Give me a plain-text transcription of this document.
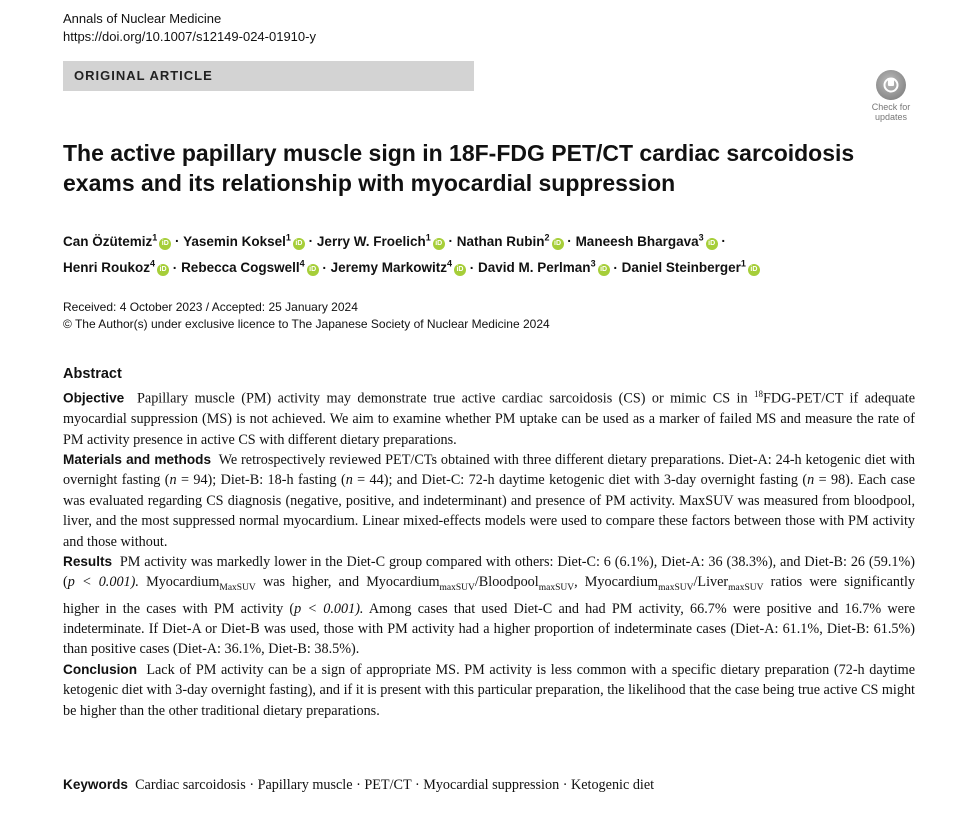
Annals of Nuclear Medicine
https://doi.org/10.1007/s12149-024-01910-y
ORIGINAL ARTICLE
Check for
updates
The active papillary muscle sign in 18F-FDG PET/CT cardiac sarcoidosis
exams and its relationship with myocardial suppression
Can Özütemiz$^1$iD · Yasemin Koksel$^1$iD · Jerry W. Froelich$^1$iD · Nathan Rubin$^2$iD · Maneesh Bhargava$^3$iD ·
Henri Roukoz$^4$iD · Rebecca Cogswell$^4$iD · Jeremy Markowitz$^4$iD · David M. Perlman$^3$iD · Daniel Steinberger$^1$iD
Received: 4 October 2023 / Accepted: 25 January 2024
© The Author(s) under exclusive licence to The Japanese Society of Nuclear Medicine 2024
Abstract
Objective Papillary muscle (PM) activity may demonstrate true active cardiac sarcoidosis (CS) or mimic CS in $^{18}$FDG-PET/CT if adequate myocardial suppression (MS) is not achieved. We aim to examine whether PM uptake can be used as a marker of failed MS and measure the rate of PM activity presence in active CS with different dietary preparations.
Materials and methods We retrospectively reviewed PET/CTs obtained with three different dietary preparations. Diet-A: 24-h ketogenic diet with overnight fasting (n = 94); Diet-B: 18-h fasting (n = 44); and Diet-C: 72-h daytime ketogenic diet with 3-day overnight fasting (n = 98). Each case was evaluated regarding CS diagnosis (negative, positive, and indeterminant) and presence of PM activity. MaxSUV was measured from bloodpool, liver, and the most suppressed normal myocardium. Linear mixed-effects models were used to compare these factors between those with PM activity and those without.
Results PM activity was markedly lower in the Diet-C group compared with others: Diet-C: 6 (6.1%), Diet-A: 36 (38.3%), and Diet-B: 26 (59.1%) (p < 0.001). Myocardium$_{MaxSUV}$ was higher, and Myocardium$_{maxSUV}$/Bloodpool$_{maxSUV}$, Myocardium$_{maxSUV}$/Liver$_{maxSUV}$ ratios were significantly higher in the cases with PM activity (p < 0.001). Among cases that used Diet-C and had PM activity, 66.7% were positive and 16.7% were indeterminate. If Diet-A or Diet-B was used, those with PM activity had a higher proportion of indeterminate cases (Diet-A: 61.1%, Diet-B: 61.5%) than positive cases (Diet-A: 36.1%, Diet-B: 38.5%).
Conclusion Lack of PM activity can be a sign of appropriate MS. PM activity is less common with a specific dietary preparation (72-h daytime ketogenic diet with 3-day overnight fasting), and if it is present with this particular preparation, the likelihood that the case being true active CS might be higher than the other traditional dietary preparations.
Keywords Cardiac sarcoidosis · Papillary muscle · PET/CT · Myocardial suppression · Ketogenic diet
